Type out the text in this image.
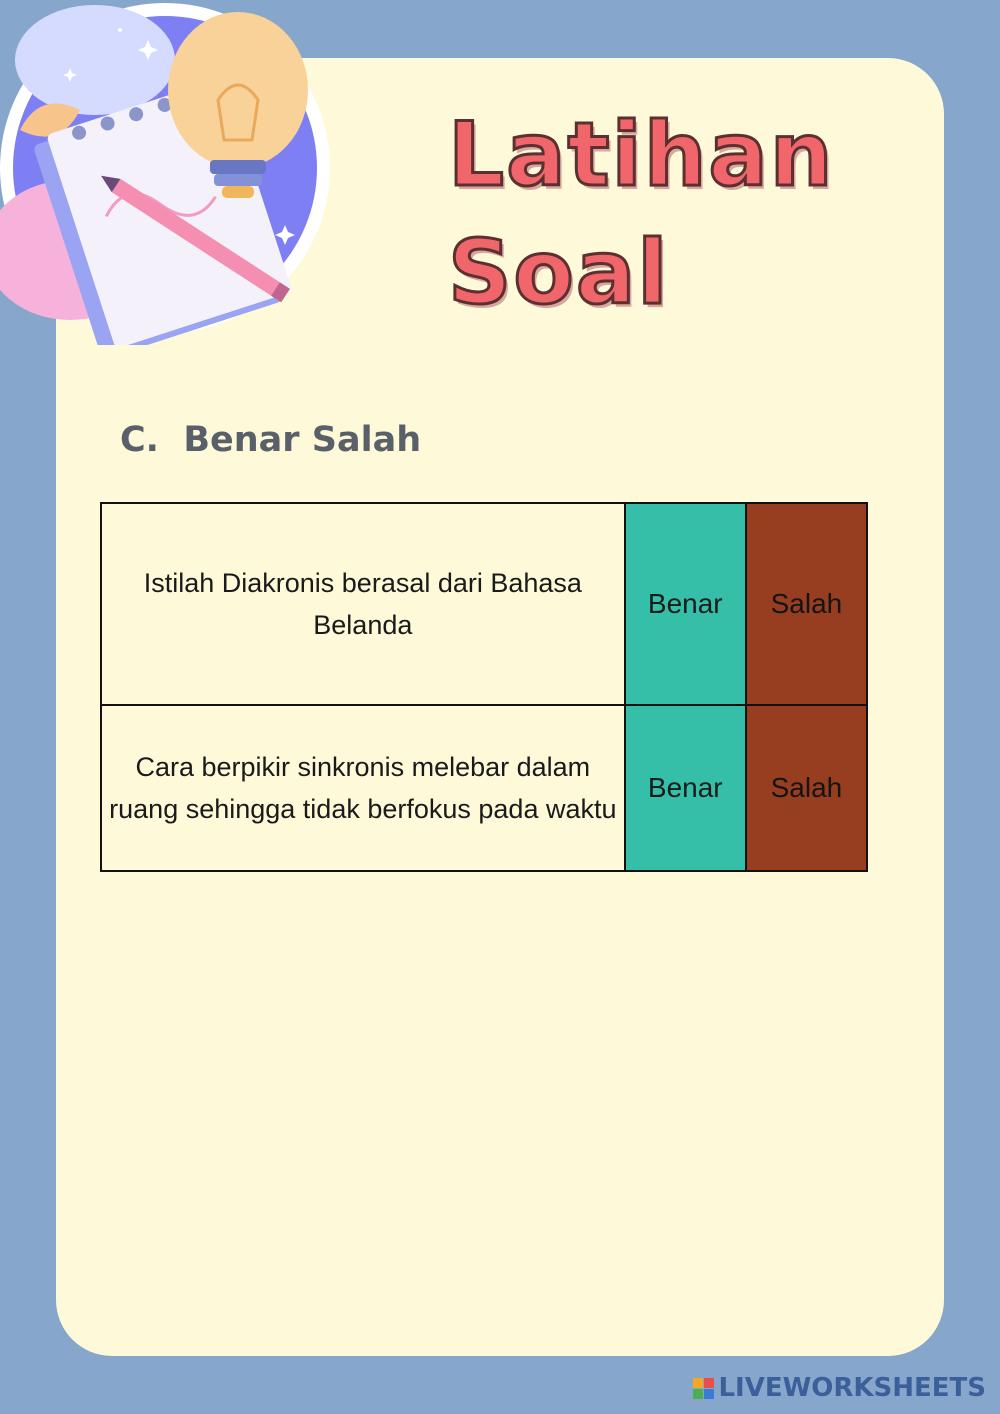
Latihan
Soal
C.  Benar Salah
Istilah Diakronis berasal dari Bahasa Belanda	Benar	Salah
Cara berpikir sinkronis melebar dalam ruang sehingga tidak berfokus pada waktu	Benar	Salah
LIVEWORKSHEETS
